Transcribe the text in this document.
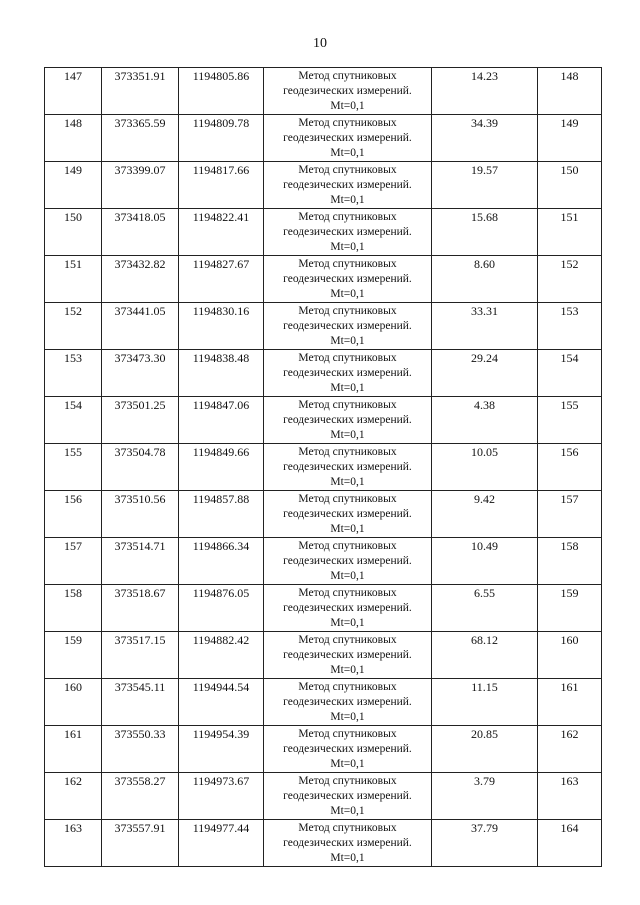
10
147	373351.91	1194805.86	Метод спутниковых
геодезических измерений.
Mt=0,1	14.23	148
148	373365.59	1194809.78	Метод спутниковых
геодезических измерений.
Mt=0,1	34.39	149
149	373399.07	1194817.66	Метод спутниковых
геодезических измерений.
Mt=0,1	19.57	150
150	373418.05	1194822.41	Метод спутниковых
геодезических измерений.
Mt=0,1	15.68	151
151	373432.82	1194827.67	Метод спутниковых
геодезических измерений.
Mt=0,1	8.60	152
152	373441.05	1194830.16	Метод спутниковых
геодезических измерений.
Mt=0,1	33.31	153
153	373473.30	1194838.48	Метод спутниковых
геодезических измерений.
Mt=0,1	29.24	154
154	373501.25	1194847.06	Метод спутниковых
геодезических измерений.
Mt=0,1	4.38	155
155	373504.78	1194849.66	Метод спутниковых
геодезических измерений.
Mt=0,1	10.05	156
156	373510.56	1194857.88	Метод спутниковых
геодезических измерений.
Mt=0,1	9.42	157
157	373514.71	1194866.34	Метод спутниковых
геодезических измерений.
Mt=0,1	10.49	158
158	373518.67	1194876.05	Метод спутниковых
геодезических измерений.
Mt=0,1	6.55	159
159	373517.15	1194882.42	Метод спутниковых
геодезических измерений.
Mt=0,1	68.12	160
160	373545.11	1194944.54	Метод спутниковых
геодезических измерений.
Mt=0,1	11.15	161
161	373550.33	1194954.39	Метод спутниковых
геодезических измерений.
Mt=0,1	20.85	162
162	373558.27	1194973.67	Метод спутниковых
геодезических измерений.
Mt=0,1	3.79	163
163	373557.91	1194977.44	Метод спутниковых
геодезических измерений.
Mt=0,1	37.79	164
